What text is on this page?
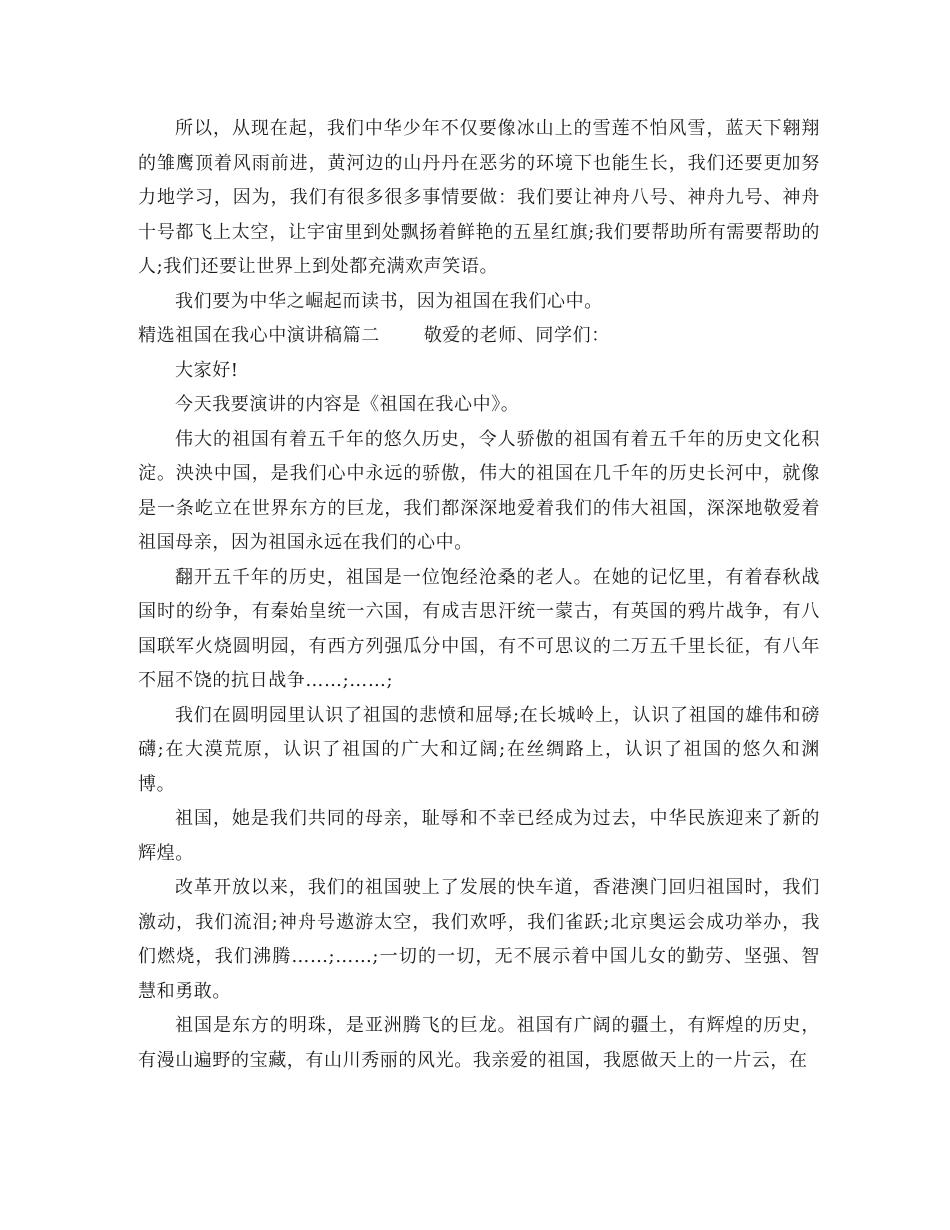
所以，从现在起，我们中华少年不仅要像冰山上的雪莲不怕风雪，蓝天下翱翔的雏鹰顶着风雨前进，黄河边的山丹丹在恶劣的环境下也能生长，我们还要更加努力地学习，因为，我们有很多很多事情要做：我们要让神舟八号、神舟九号、神舟十号都飞上太空，让宇宙里到处飘扬着鲜艳的五星红旗;我们要帮助所有需要帮助的人;我们还要让世界上到处都充满欢声笑语。

我们要为中华之崛起而读书，因为祖国在我们心中。

精选祖国在我心中演讲稿篇二 敬爱的老师、同学们：

大家好!

今天我要演讲的内容是《祖国在我心中》。

伟大的祖国有着五千年的悠久历史，令人骄傲的祖国有着五千年的历史文化积淀。泱泱中国，是我们心中永远的骄傲，伟大的祖国在几千年的历史长河中，就像是一条屹立在世界东方的巨龙，我们都深深地爱着我们的伟大祖国，深深地敬爱着祖国母亲，因为祖国永远在我们的心中。

翻开五千年的历史，祖国是一位饱经沧桑的老人。在她的记忆里，有着春秋战国时的纷争，有秦始皇统一六国，有成吉思汗统一蒙古，有英国的鸦片战争，有八国联军火烧圆明园，有西方列强瓜分中国，有不可思议的二万五千里长征，有八年不屈不饶的抗日战争……;……;

我们在圆明园里认识了祖国的悲愤和屈辱;在长城岭上，认识了祖国的雄伟和磅礴;在大漠荒原，认识了祖国的广大和辽阔;在丝绸路上，认识了祖国的悠久和渊博。

祖国，她是我们共同的母亲，耻辱和不幸已经成为过去，中华民族迎来了新的辉煌。

改革开放以来，我们的祖国驶上了发展的快车道，香港澳门回归祖国时，我们激动，我们流泪;神舟号遨游太空，我们欢呼，我们雀跃;北京奥运会成功举办，我们燃烧，我们沸腾……;……;一切的一切，无不展示着中国儿女的勤劳、坚强、智慧和勇敢。

祖国是东方的明珠，是亚洲腾飞的巨龙。祖国有广阔的疆土，有辉煌的历史，有漫山遍野的宝藏，有山川秀丽的风光。我亲爱的祖国，我愿做天上的一片云，在
